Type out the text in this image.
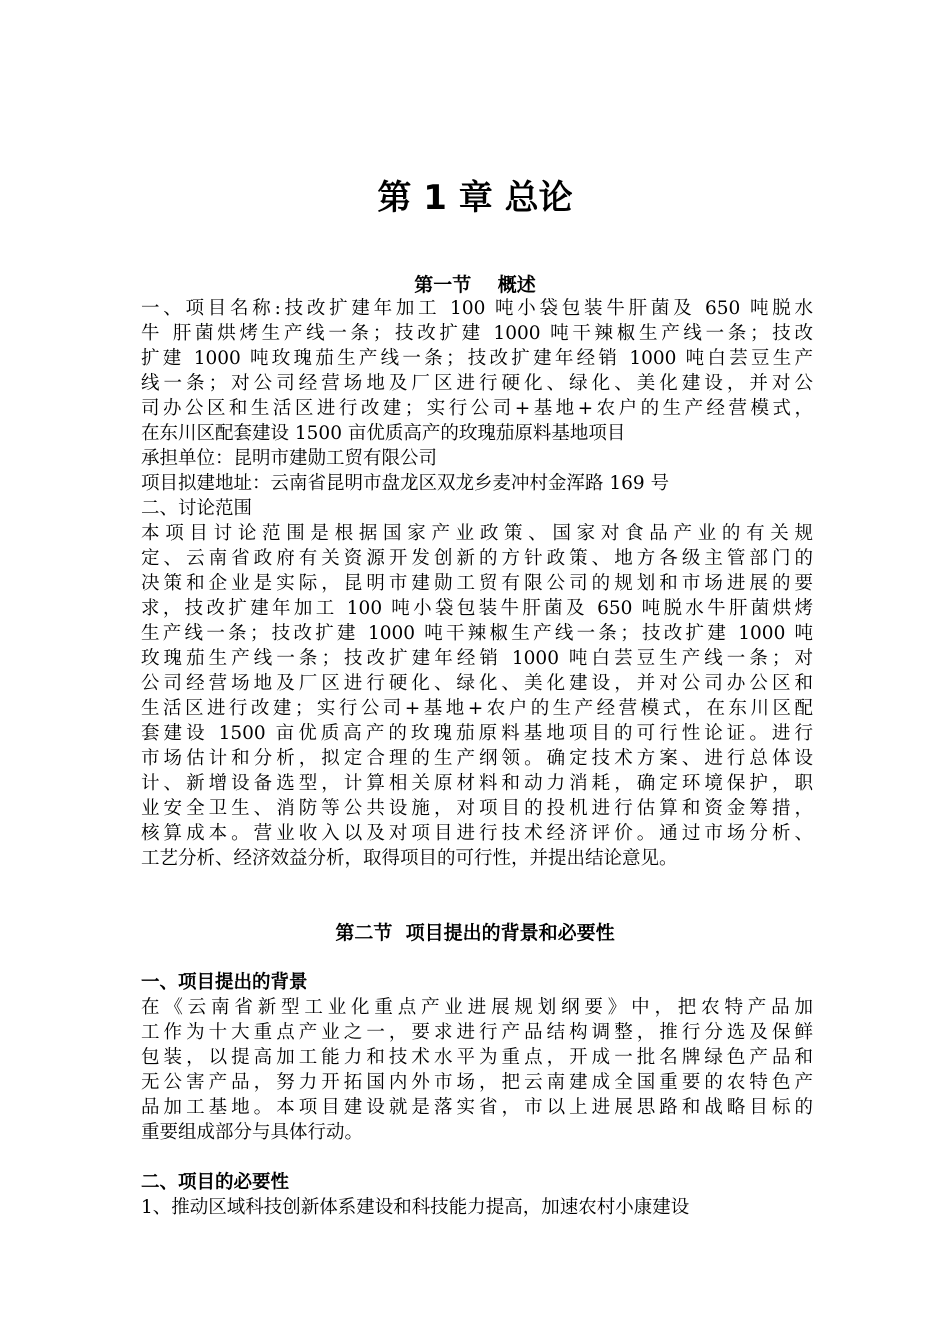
第 1 章 总论
第一节    概述
一、项目名称:技改扩建年加工 100 吨小袋包装牛肝菌及 650 吨脱水
牛 肝菌烘烤生产线一条；技改扩建 1000 吨干辣椒生产线一条；技改
扩建 1000 吨玫瑰茄生产线一条；技改扩建年经销 1000 吨白芸豆生产
线一条；对公司经营场地及厂区进行硬化、绿化、美化建设，并对公
司办公区和生活区进行改建；实行公司+基地+农户的生产经营模式，
在东川区配套建设 1500 亩优质高产的玫瑰茄原料基地项目
承担单位：昆明市建勋工贸有限公司
项目拟建地址：云南省昆明市盘龙区双龙乡麦冲村金浑路 169 号
二、讨论范围
本项目讨论范围是根据国家产业政策、国家对食品产业的有关规
定、云南省政府有关资源开发创新的方针政策、地方各级主管部门的
决策和企业是实际，昆明市建勋工贸有限公司的规划和市场进展的要
求，技改扩建年加工 100 吨小袋包装牛肝菌及 650 吨脱水牛肝菌烘烤
生产线一条；技改扩建 1000 吨干辣椒生产线一条；技改扩建 1000 吨
玫瑰茄生产线一条；技改扩建年经销 1000 吨白芸豆生产线一条；对
公司经营场地及厂区进行硬化、绿化、美化建设，并对公司办公区和
生活区进行改建；实行公司+基地+农户的生产经营模式，在东川区配
套建设 1500 亩优质高产的玫瑰茄原料基地项目的可行性论证。进行
市场估计和分析，拟定合理的生产纲领。确定技术方案、进行总体设
计、新增设备选型，计算相关原材料和动力消耗，确定环境保护，职
业安全卫生、消防等公共设施，对项目的投机进行估算和资金筹措，
核算成本。营业收入以及对项目进行技术经济评价。通过市场分析、
工艺分析、经济效益分析，取得项目的可行性，并提出结论意见。
第二节  项目提出的背景和必要性
一、项目提出的背景
在《云南省新型工业化重点产业进展规划纲要》中，把农特产品加
工作为十大重点产业之一，要求进行产品结构调整，推行分选及保鲜
包装，以提高加工能力和技术水平为重点，开成一批名牌绿色产品和
无公害产品，努力开拓国内外市场，把云南建成全国重要的农特色产
品加工基地。本项目建设就是落实省，市以上进展思路和战略目标的
重要组成部分与具体行动。
二、项目的必要性
1、推动区域科技创新体系建设和科技能力提高，加速农村小康建设
